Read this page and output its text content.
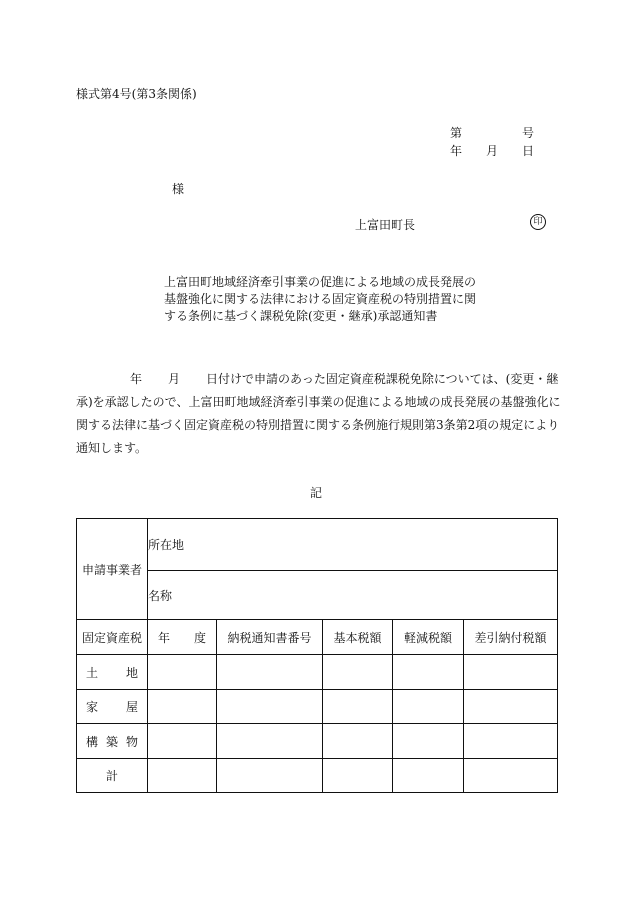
様式第4号(第3条関係)
第	号
年 月 日
様
上富田町長	印
上富田町地域経済牽引事業の促進による地域の成長発展の
基盤強化に関する法律における固定資産税の特別措置に関
する条例に基づく課税免除(変更・継承)承認通知書
年 月 日付けで申請のあった固定資産税課税免除については、(変更・継
承)を承認したので、上富田町地域経済牽引事業の促進による地域の成長発展の基盤強化に
関する法律に基づく固定資産税の特別措置に関する条例施行規則第3条第2項の規定により
通知します。
記
申請事業者	所在地				
	名称				
固定資産税	年　　度	納税通知書番号	基本税額	軽減税額	差引納付税額

土 地					

家 屋					

構 築 物					

計					
